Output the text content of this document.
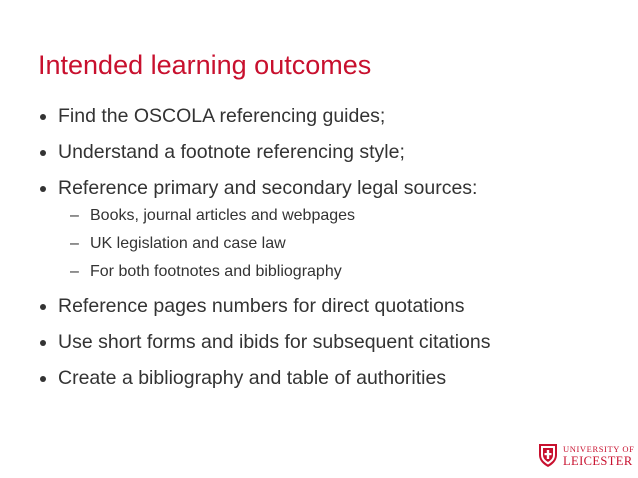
Intended learning outcomes
Find the OSCOLA referencing guides;
Understand a footnote referencing style;
Reference primary and secondary legal sources:
– Books, journal articles and webpages
– UK legislation and case law
– For both footnotes and bibliography
Reference pages numbers for direct quotations
Use short forms and ibids for subsequent citations
Create a bibliography and table of authorities
UNIVERSITY OF
LEICESTER
